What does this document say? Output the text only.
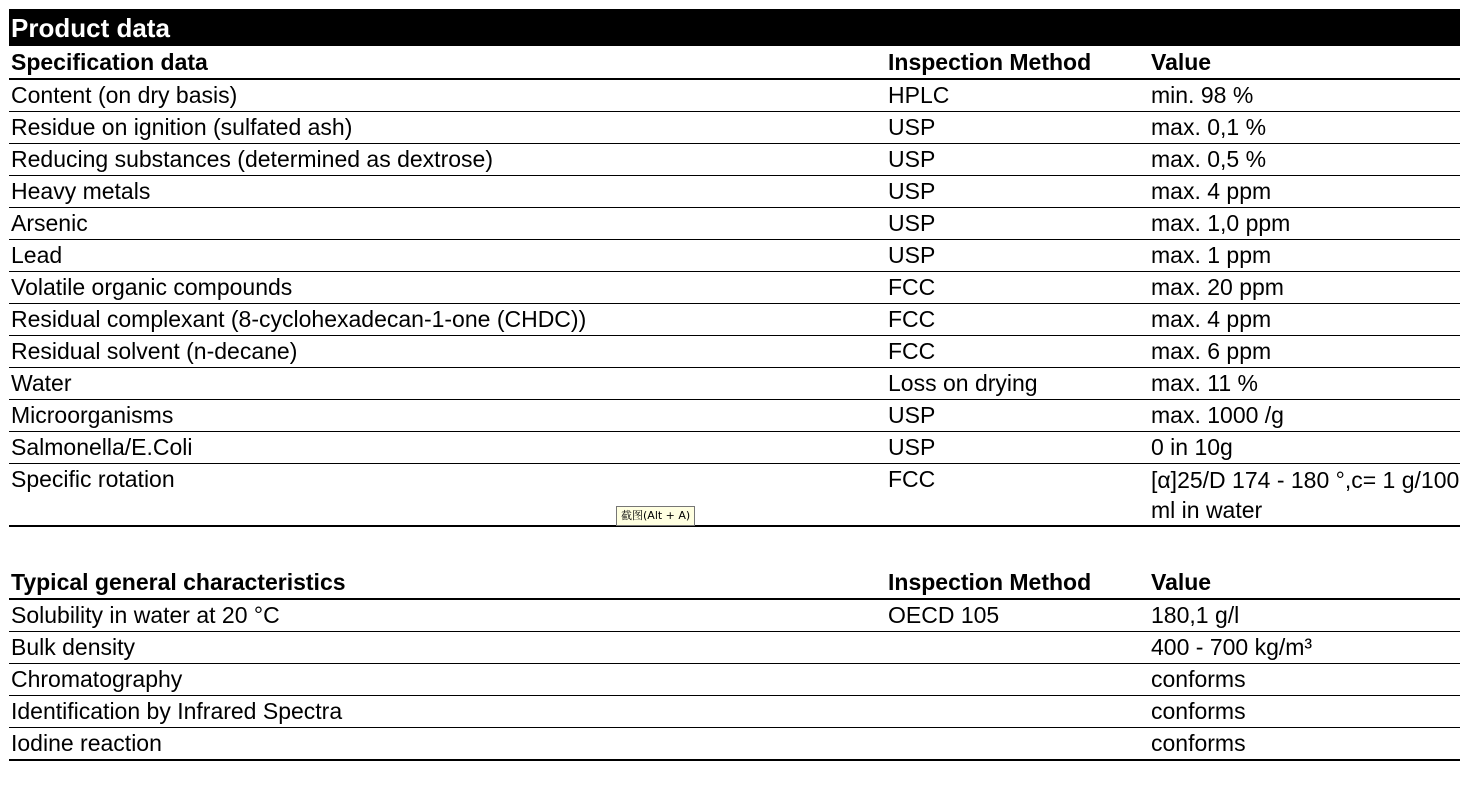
Product data
Specification data	Inspection Method	Value
Content (on dry basis)	HPLC	min. 98 %
Residue on ignition (sulfated ash)	USP	max. 0,1 %
Reducing substances (determined as dextrose)	USP	max. 0,5 %
Heavy metals	USP	max. 4 ppm
Arsenic	USP	max. 1,0 ppm
Lead	USP	max. 1 ppm
Volatile organic compounds	FCC	max. 20 ppm
Residual complexant (8-cyclohexadecan-1-one (CHDC))	FCC	max. 4 ppm
Residual solvent (n-decane)	FCC	max. 6 ppm
Water	Loss on drying	max. 11 %
Microorganisms	USP	max. 1000 /g
Salmonella/E.Coli	USP	0 in 10g
Specific rotation	FCC	[α]25/D 174 - 180 °,c= 1 g/100 ml in water
Typical general characteristics	Inspection Method	Value
Solubility in water at 20 °C	OECD 105	180,1 g/l
Bulk density		400 - 700 kg/m³
Chromatography		conforms
Identification by Infrared Spectra		conforms
Iodine reaction		conforms
截图(Alt + A)
